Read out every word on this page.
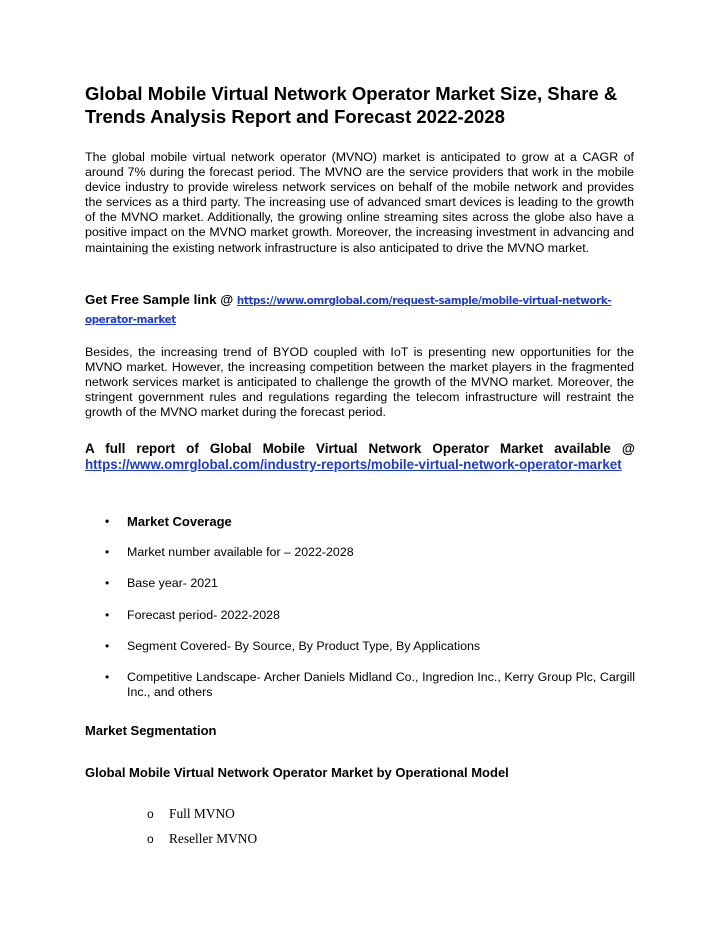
Global Mobile Virtual Network Operator Market Size, Share & Trends Analysis Report and Forecast 2022-2028

The global mobile virtual network operator (MVNO) market is anticipated to grow at a CAGR of around 7% during the forecast period. The MVNO are the service providers that work in the mobile device industry to provide wireless network services on behalf of the mobile network and provides the services as a third party. The increasing use of advanced smart devices is leading to the growth of the MVNO market. Additionally, the growing online streaming sites across the globe also have a positive impact on the MVNO market growth. Moreover, the increasing investment in advancing and maintaining the existing network infrastructure is also anticipated to drive the MVNO market.

Get Free Sample link @ https://www.omrglobal.com/request-sample/mobile-virtual-network-operator-market

Besides, the increasing trend of BYOD coupled with IoT is presenting new opportunities for the MVNO market. However, the increasing competition between the market players in the fragmented network services market is anticipated to challenge the growth of the MVNO market. Moreover, the stringent government rules and regulations regarding the telecom infrastructure will restraint the growth of the MVNO market during the forecast period.

A full report of Global Mobile Virtual Network Operator Market available @ https://www.omrglobal.com/industry-reports/mobile-virtual-network-operator-market

• Market Coverage
• Market number available for – 2022-2028
• Base year- 2021
• Forecast period- 2022-2028
• Segment Covered- By Source, By Product Type, By Applications
• Competitive Landscape- Archer Daniels Midland Co., Ingredion Inc., Kerry Group Plc, Cargill Inc., and others
Market Segmentation
Global Mobile Virtual Network Operator Market by Operational Model
o Full MVNO
o Reseller MVNO
